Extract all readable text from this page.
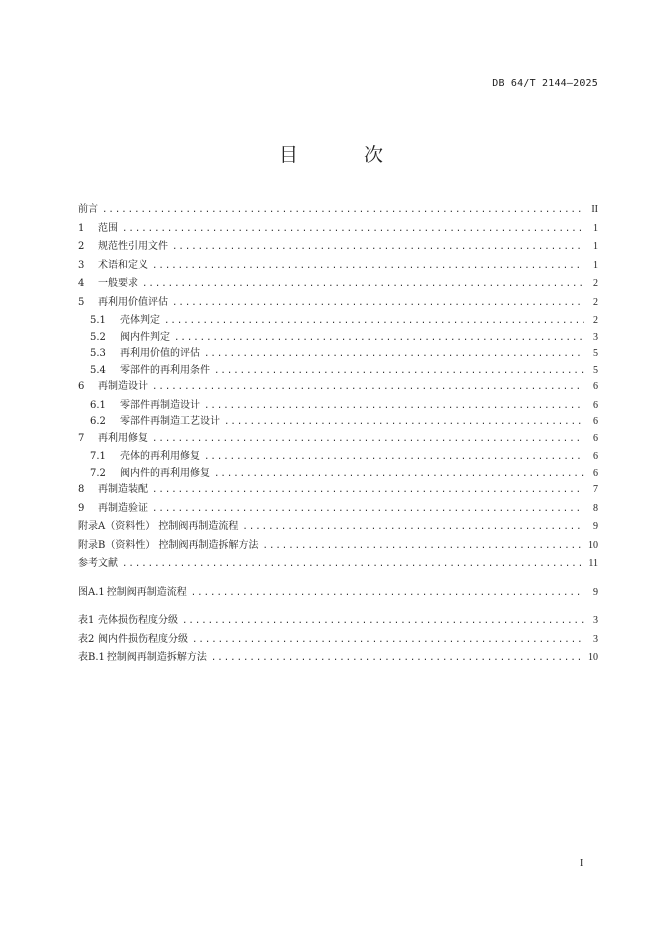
DB 64/T 2144—2025
目 次
前言 .....	II
1	范围 .....	1
2	规范性引用文件 .....	1
3	术语和定义 .....	1
4	一般要求 .....	2
5	再利用价值评估 .....	2
5.1	壳体判定 .....	2
5.2	阀内件判定 .....	3
5.3	再利用价值的评估 .....	5
5.4	零部件的再利用条件 .....	5
6	再制造设计 .....	6
6.1	零部件再制造设计 .....	6
6.2	零部件再制造工艺设计 .....	6
7	再利用修复 .....	6
7.1	壳体的再利用修复 .....	6
7.2	阀内件的再利用修复 .....	6
8	再制造装配 .....	7
9	再制造验证 .....	8
附录A（资料性） 控制阀再制造流程 .....	9
附录B（资料性） 控制阀再制造拆解方法 .....	10
参考文献 .....	11
图A.1 控制阀再制造流程 .....	9
表1 壳体损伤程度分级 .....	3
表2 阀内件损伤程度分级 .....	3
表B.1 控制阀再制造拆解方法 .....	10
I
